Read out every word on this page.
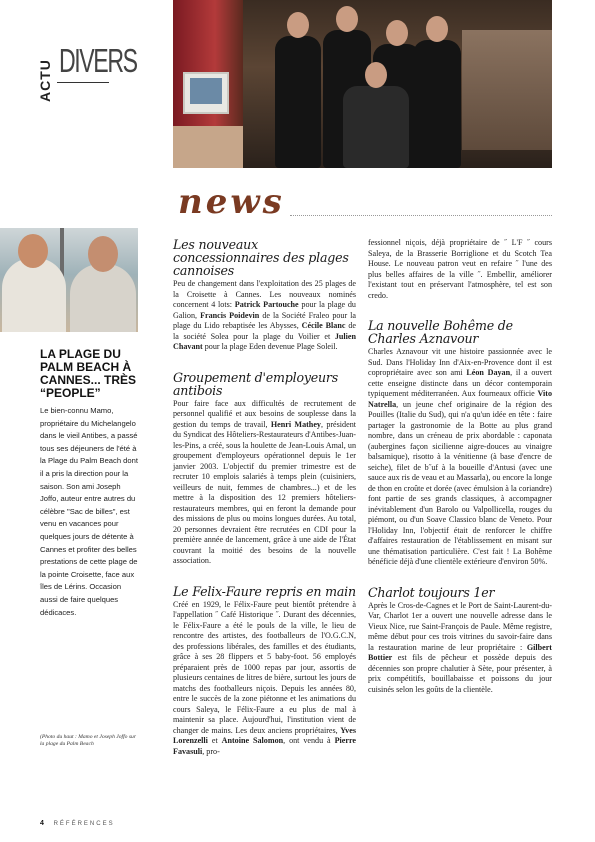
ACTU DIVERS
news
LA PLAGE DU PALM BEACH À CANNES... TRÈS “PEOPLE”
Le bien-connu Mamo, propriétaire du Michelangelo dans le vieil Antibes, a passé tous ses déjeuners de l'été à la Plage du Palm Beach dont il a pris la direction pour la saison. Son ami Joseph Joffo, auteur entre autres du célèbre "Sac de billes", est venu en vacances pour quelques jours de détente à Cannes et profiter des belles prestations de cette plage de la pointe Croisette, face aux îles de Lérins. Occasion aussi de faire quelques dédicaces.
(Photo du haut : Mamo et Joseph Joffo sur la plage du Palm Beach
Les nouveaux concessionnaires des plages cannoises

Peu de changement dans l'exploitation des 25 plages de la Croisette à Cannes. Les nouveaux nominés concernent 4 lots: Patrick Partouche pour la plage du Galion, Francis Poidevin de la Société Fraleo pour la plage du Lido rebaptisée les Abysses, Cécile Blanc de la société Solea pour la plage du Voilier et Julien Chavant pour la plage Eden devenue Plage Soleil.

Groupement d'employeurs antibois

Pour faire face aux difficultés de recrutement de personnel qualifié et aux besoins de souplesse dans la gestion du temps de travail, Henri Mathey, président du Syndicat des Hôteliers-Restaurateurs d'Antibes-Juan-les-Pins, a créé, sous la houlette de Jean-Louis Amal, un groupement d'employeurs opérationnel depuis le 1er janvier 2003. L'objectif du premier trimestre est de recruter 10 emplois salariés à temps plein (cuisiniers, veilleurs de nuit, femmes de chambres...) et de les mettre à la disposition des 12 premiers hôteliers-restaurateurs membres, qui en feront la demande pour des missions de plus ou moins longues durées. Au total, 20 personnes devraient être recrutées en CDI pour la première année de lancement, grâce à une aide de l'État couvrant la moitié des besoins de la nouvelle association.

Le Felix-Faure repris en main

Créé en 1929, le Félix-Faure peut bientôt prétendre à l'appellation ˝ Café Historique ˝. Durant des décennies, le Félix-Faure a été le pouls de la ville, le lieu de rencontre des artistes, des footballeurs de l'O.G.C.N, des professions libérales, des familles et des étudiants, grâce à ses 28 flippers et 5 baby-foot. 56 employés préparaient près de 1000 repas par jour, assortis de plusieurs centaines de litres de bière, surtout les jours de matchs des footballeurs niçois. Depuis les années 80, entre le succès de la zone piétonne et les animations du cours Saleya, le Félix-Faure a eu plus de mal à maintenir sa place. Aujourd'hui, l'institution vient de changer de mains. Les deux anciens propriétaires, Yves Lorenzelli et Antoine Salomon, ont vendu à Pierre Favasuli, pro-

fessionnel niçois, déjà propriétaire de ˝ L'F ˝ cours Saleya, de la Brasserie Borriglione et du Scotch Tea House. Le nouveau patron veut en refaire ˝ l'une des plus belles affaires de la ville ˝. Embellir, améliorer l'existant tout en préservant l'atmosphère, tel est son credo.

La nouvelle Bohême de Charles Aznavour

Charles Aznavour vit une histoire passionnée avec le Sud. Dans l'Holiday Inn d'Aix-en-Provence dont il est copropriétaire avec son ami Léon Dayan, il a ouvert cette enseigne distincte dans un décor contemporain typiquement méditerranéen. Aux fourneaux officie Vito Natrella, un jeune chef originaire de la région des Pouilles (Italie du Sud), qui n'a qu'un idée en tête : faire partager la gastronomie de la Botte au plus grand nombre, dans un créneau de prix abordable : caponata (aubergines façon sicilienne aigre-douces au vinaigre balsamique), risotto à la vénitienne (à base d'encre de seiche), filet de b˝uf à la boueille d'Antusi (avec une sauce aux ris de veau et au Massarla), ou encore la longe de thon en croûte et dorée (avec émulsion à la coriandre) font partie de ses grands classiques, à accompagner inévitablement d'un Barolo ou Valpollicella, rouges du piémont, ou d'un Soave Classico blanc de Veneto. Pour l'Holiday Inn, l'objectif était de renforcer le chiffre d'affaires restauration de l'établissement en misant sur une thématisation particulière. C'est fait ! La Bohême bénéficie déjà d'une clientèle extérieure d'environ 50%.

Charlot toujours 1er

Après le Cros-de-Cagnes et le Port de Saint-Laurent-du-Var, Charlot 1er a ouvert une nouvelle adresse dans le Vieux Nice, rue Saint-François de Paule. Même registre, même début pour ces trois vitrines du savoir-faire dans la restauration marine de leur propriétaire : Gilbert Bottier est fils de pêcheur et possède depuis des décennies son propre chalutier à Sète, pour présenter, à prix compétitifs, bouillabaisse et poissons du jour cuisinés selon les goûts de la clientèle.

4 RÉFÉRENCES
